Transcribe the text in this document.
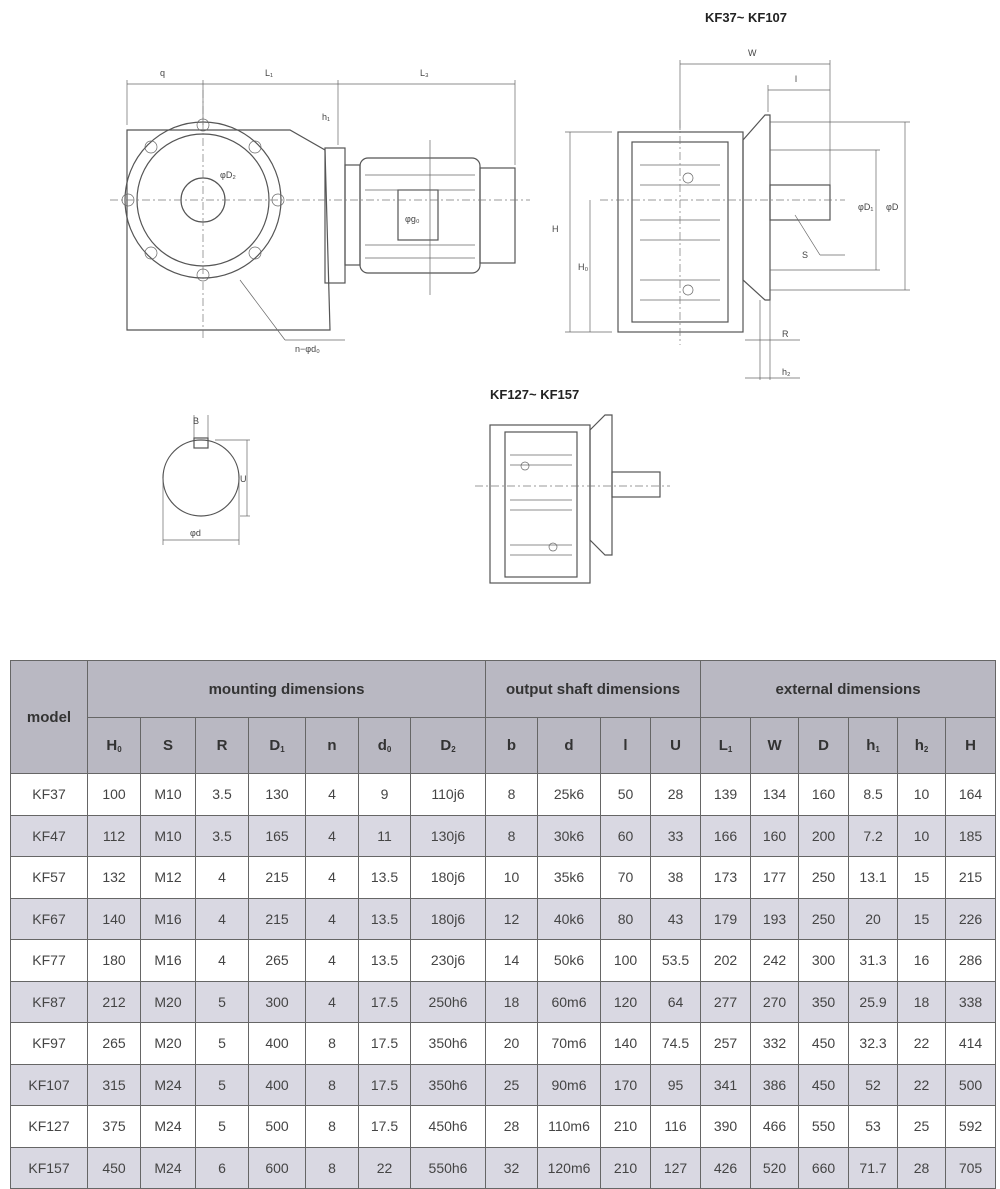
q	L₁	L₃
h₁
φD₂
φg₀
n−φd₀
KF37~ KF107
W
l
H
H₀
φD₁ φD
S
R
h₂
B
U
φd
KF127~ KF157
model	mounting dimensions							output shaft dimensions				external dimensions					
	$H_0$	S	R	$D_1$	n	$d_0$	$D_2$	b	d	l	U	$L_1$	W	D	$h_1$	$h_2$	H
KF37	100	M10	3.5	130	4	9	110j6	8	25k6	50	28	139	134	160	8.5	10	164
KF47	112	M10	3.5	165	4	11	130j6	8	30k6	60	33	166	160	200	7.2	10	185
KF57	132	M12	4	215	4	13.5	180j6	10	35k6	70	38	173	177	250	13.1	15	215
KF67	140	M16	4	215	4	13.5	180j6	12	40k6	80	43	179	193	250	20	15	226
KF77	180	M16	4	265	4	13.5	230j6	14	50k6	100	53.5	202	242	300	31.3	16	286
KF87	212	M20	5	300	4	17.5	250h6	18	60m6	120	64	277	270	350	25.9	18	338
KF97	265	M20	5	400	8	17.5	350h6	20	70m6	140	74.5	257	332	450	32.3	22	414
KF107	315	M24	5	400	8	17.5	350h6	25	90m6	170	95	341	386	450	52	22	500
KF127	375	M24	5	500	8	17.5	450h6	28	110m6	210	116	390	466	550	53	25	592
KF157	450	M24	6	600	8	22	550h6	32	120m6	210	127	426	520	660	71.7	28	705
